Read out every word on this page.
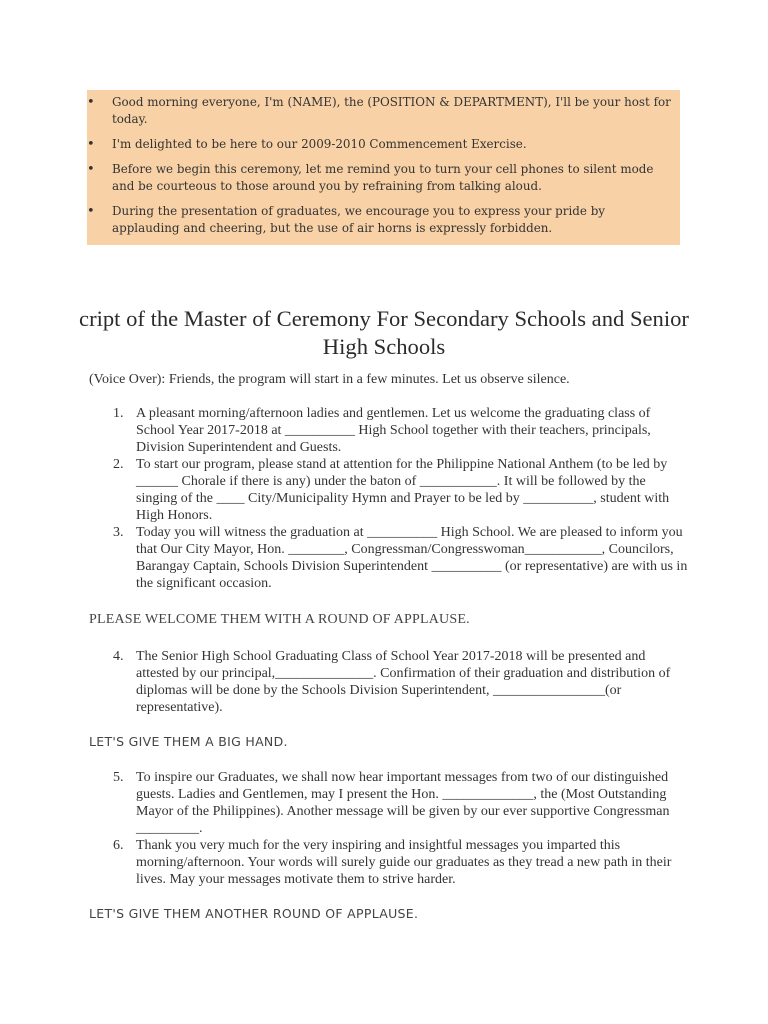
• Good morning everyone, I'm (NAME), the (POSITION & DEPARTMENT), I'll be your host for today.
• I'm delighted to be here to our 2009-2010 Commencement Exercise.
• Before we begin this ceremony, let me remind you to turn your cell phones to silent mode and be courteous to those around you by refraining from talking aloud.
• During the presentation of graduates, we encourage you to express your pride by applauding and cheering, but the use of air horns is expressly forbidden.
cript of the Master of Ceremony For Secondary Schools and Senior High Schools
(Voice Over): Friends, the program will start in a few minutes. Let us observe silence.
1. A pleasant morning/afternoon ladies and gentlemen. Let us welcome the graduating class of School Year 2017-2018 at __________ High School together with their teachers, principals, Division Superintendent and Guests.
2. To start our program, please stand at attention for the Philippine National Anthem (to be led by ______ Chorale if there is any) under the baton of ___________. It will be followed by the singing of the ____ City/Municipality Hymn and Prayer to be led by __________, student with High Honors.
3. Today you will witness the graduation at __________ High School. We are pleased to inform you that Our City Mayor, Hon. ________, Congressman/Congresswoman___________, Councilors, Barangay Captain, Schools Division Superintendent __________ (or representative) are with us in the significant occasion.
PLEASE WELCOME THEM WITH A ROUND OF APPLAUSE.
4. The Senior High School Graduating Class of School Year 2017-2018 will be presented and attested by our principal,______________. Confirmation of their graduation and distribution of diplomas will be done by the Schools Division Superintendent, ________________(or representative).
LET'S GIVE THEM A BIG HAND.
5. To inspire our Graduates, we shall now hear important messages from two of our distinguished guests. Ladies and Gentlemen, may I present the Hon. _____________, the (Most Outstanding Mayor of the Philippines). Another message will be given by our ever supportive Congressman _________.
6. Thank you very much for the very inspiring and insightful messages you imparted this morning/afternoon. Your words will surely guide our graduates as they tread a new path in their lives. May your messages motivate them to strive harder.
LET'S GIVE THEM ANOTHER ROUND OF APPLAUSE.
